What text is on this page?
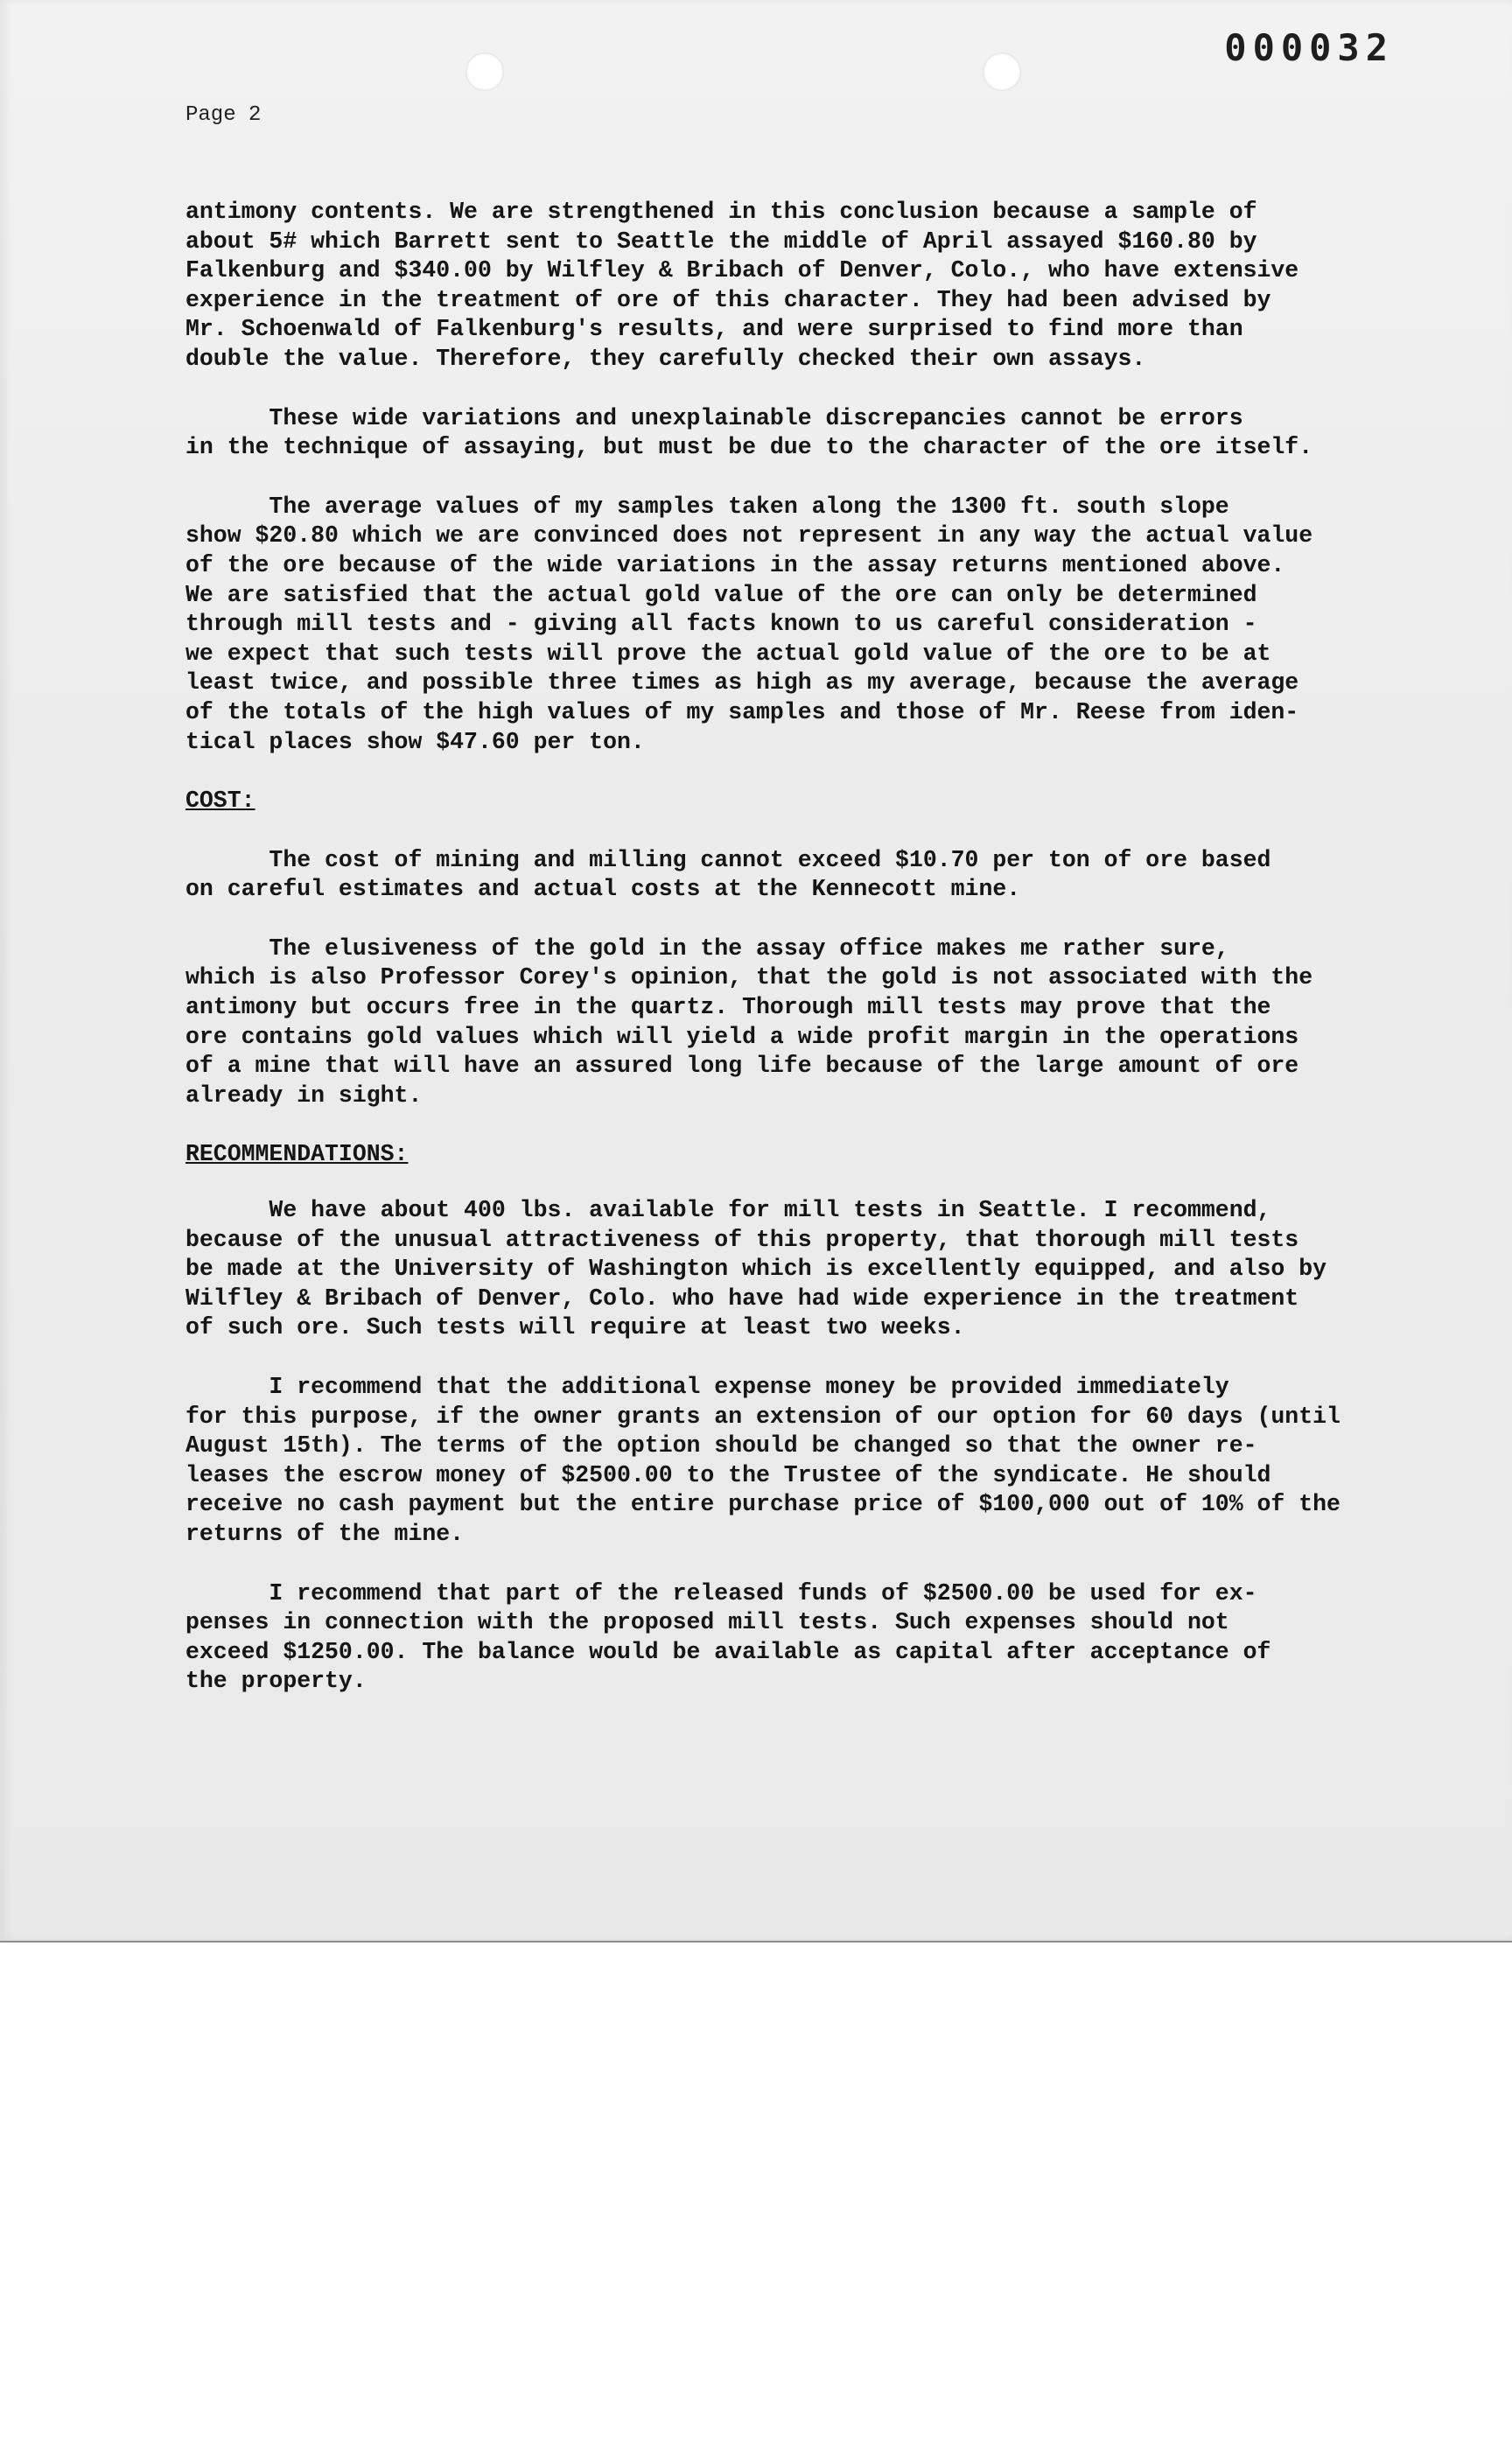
000032
Page 2

antimony contents. We are strengthened in this conclusion because a sample of
about 5# which Barrett sent to Seattle the middle of April assayed $160.80 by
Falkenburg and $340.00 by Wilfley & Bribach of Denver, Colo., who have extensive
experience in the treatment of ore of this character. They had been advised by
Mr. Schoenwald of Falkenburg's results, and were surprised to find more than
double the value. Therefore, they carefully checked their own assays.

These wide variations and unexplainable discrepancies cannot be errors
in the technique of assaying, but must be due to the character of the ore itself.

The average values of my samples taken along the 1300 ft. south slope
show $20.80 which we are convinced does not represent in any way the actual value
of the ore because of the wide variations in the assay returns mentioned above.
We are satisfied that the actual gold value of the ore can only be determined
through mill tests and - giving all facts known to us careful consideration -
we expect that such tests will prove the actual gold value of the ore to be at
least twice, and possible three times as high as my average, because the average
of the totals of the high values of my samples and those of Mr. Reese from iden-
tical places show $47.60 per ton.

COST:

The cost of mining and milling cannot exceed $10.70 per ton of ore based
on careful estimates and actual costs at the Kennecott mine.

The elusiveness of the gold in the assay office makes me rather sure,
which is also Professor Corey's opinion, that the gold is not associated with the
antimony but occurs free in the quartz. Thorough mill tests may prove that the
ore contains gold values which will yield a wide profit margin in the operations
of a mine that will have an assured long life because of the large amount of ore
already in sight.

RECOMMENDATIONS:

We have about 400 lbs. available for mill tests in Seattle. I recommend,
because of the unusual attractiveness of this property, that thorough mill tests
be made at the University of Washington which is excellently equipped, and also by
Wilfley & Bribach of Denver, Colo. who have had wide experience in the treatment
of such ore. Such tests will require at least two weeks.

I recommend that the additional expense money be provided immediately
for this purpose, if the owner grants an extension of our option for 60 days (until
August 15th). The terms of the option should be changed so that the owner re-
leases the escrow money of $2500.00 to the Trustee of the syndicate. He should
receive no cash payment but the entire purchase price of $100,000 out of 10% of the
returns of the mine.

I recommend that part of the released funds of $2500.00 be used for ex-
penses in connection with the proposed mill tests. Such expenses should not
exceed $1250.00. The balance would be available as capital after acceptance of
the property.
